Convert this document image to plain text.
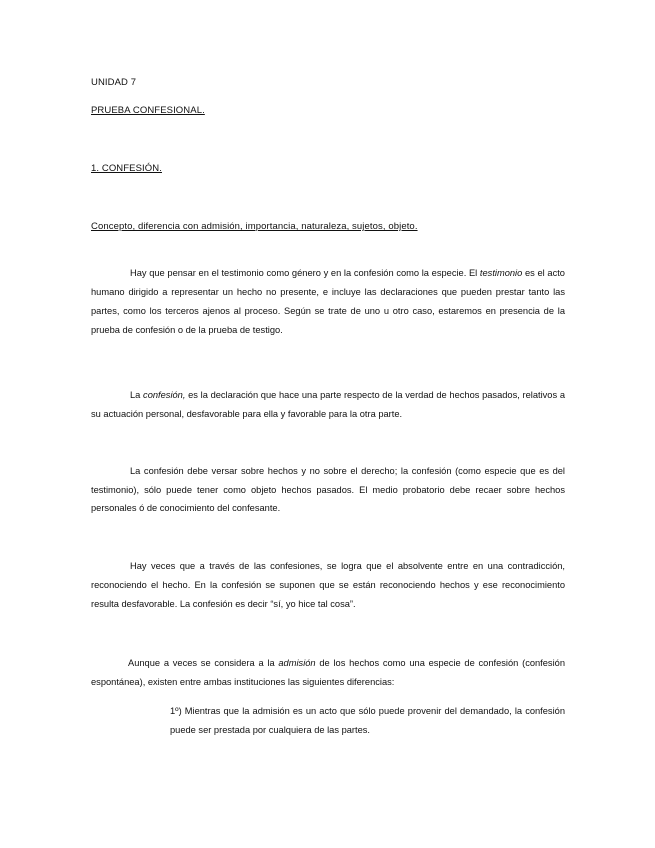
UNIDAD 7

PRUEBA CONFESIONAL.

1. CONFESIÓN.

Concepto, diferencia con admisión, importancia, naturaleza, sujetos, objeto.

Hay que pensar en el testimonio como género y en la confesión como la especie. El testimonio es el acto humano dirigido a representar un hecho no presente, e incluye las declaraciones que pueden prestar tanto las partes, como los terceros ajenos al proceso. Según se trate de uno u otro caso, estaremos en presencia de la prueba de confesión o de la prueba de testigo.

La confesión, es la declaración que hace una parte respecto de la verdad de hechos pasados, relativos a su actuación personal, desfavorable para ella y favorable para la otra parte.

La confesión debe versar sobre hechos y no sobre el derecho; la confesión (como especie que es del testimonio), sólo puede tener como objeto hechos pasados. El medio probatorio debe recaer sobre hechos personales ó de conocimiento del confesante.

Hay veces que a través de las confesiones, se logra que el absolvente entre en una contradicción, reconociendo el hecho. En la confesión se suponen que se están reconociendo hechos y ese reconocimiento resulta desfavorable. La confesión es decir “sí, yo hice tal cosa”.

Aunque a veces se considera a la admisión de los hechos como una especie de confesión (confesión espontánea), existen entre ambas instituciones las siguientes diferencias:

1º) Mientras que la admisión es un acto que sólo puede provenir del demandado, la confesión puede ser prestada por cualquiera de las partes.
